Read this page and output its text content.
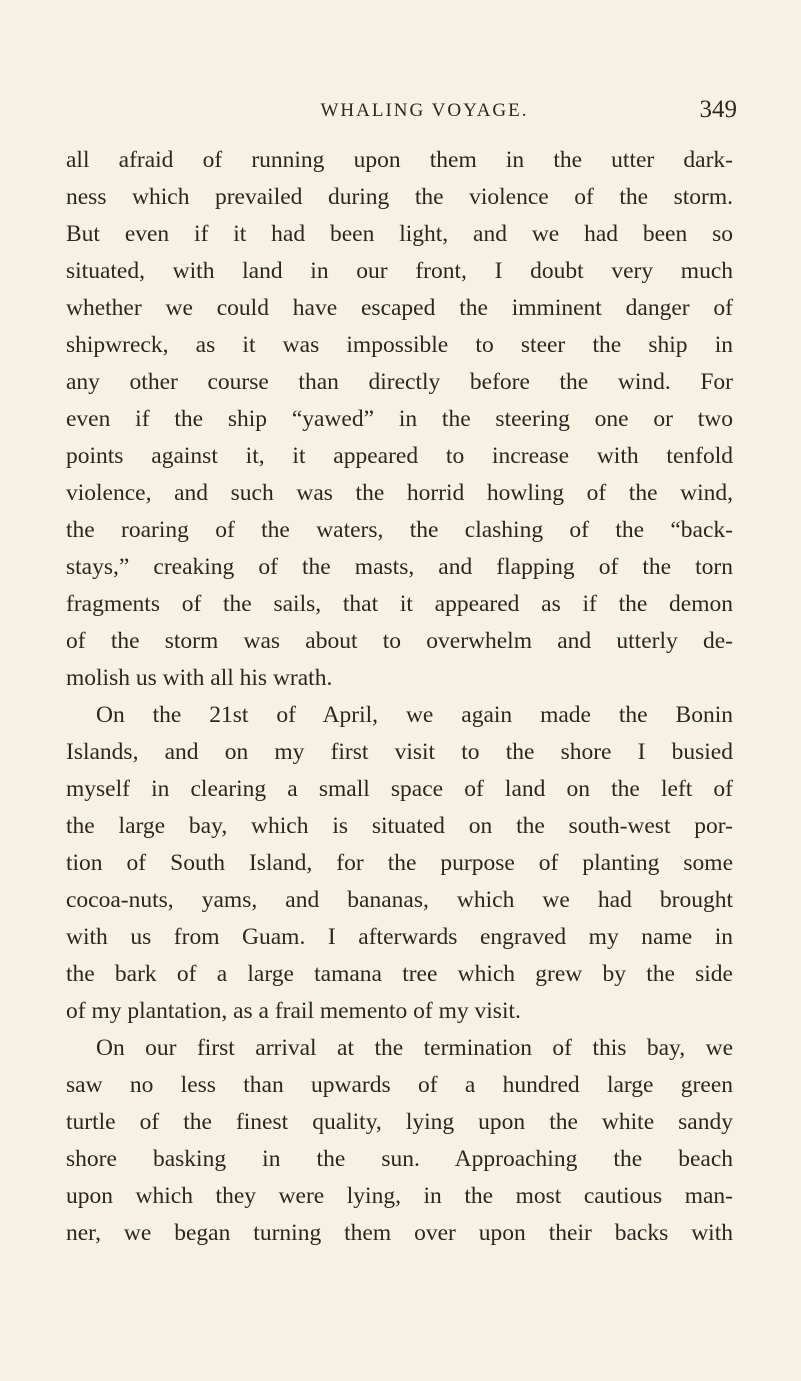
WHALING VOYAGE.	349

all afraid of running upon them in the utter dark-
ness which prevailed during the violence of the storm.
But even if it had been light, and we had been so
situated, with land in our front, I doubt very much
whether we could have escaped the imminent danger of
shipwreck, as it was impossible to steer the ship in
any other course than directly before the wind. For
even if the ship “yawed” in the steering one or two
points against it, it appeared to increase with tenfold
violence, and such was the horrid howling of the wind,
the roaring of the waters, the clashing of the “back-
stays,” creaking of the masts, and flapping of the torn
fragments of the sails, that it appeared as if the demon
of the storm was about to overwhelm and utterly de-
molish us with all his wrath.

On the 21st of April, we again made the Bonin
Islands, and on my first visit to the shore I busied
myself in clearing a small space of land on the left of
the large bay, which is situated on the south-west por-
tion of South Island, for the purpose of planting some
cocoa-nuts, yams, and bananas, which we had brought
with us from Guam. I afterwards engraved my name in
the bark of a large tamana tree which grew by the side
of my plantation, as a frail memento of my visit.

On our first arrival at the termination of this bay, we
saw no less than upwards of a hundred large green
turtle of the finest quality, lying upon the white sandy
shore basking in the sun. Approaching the beach
upon which they were lying, in the most cautious man-
ner, we began turning them over upon their backs with
